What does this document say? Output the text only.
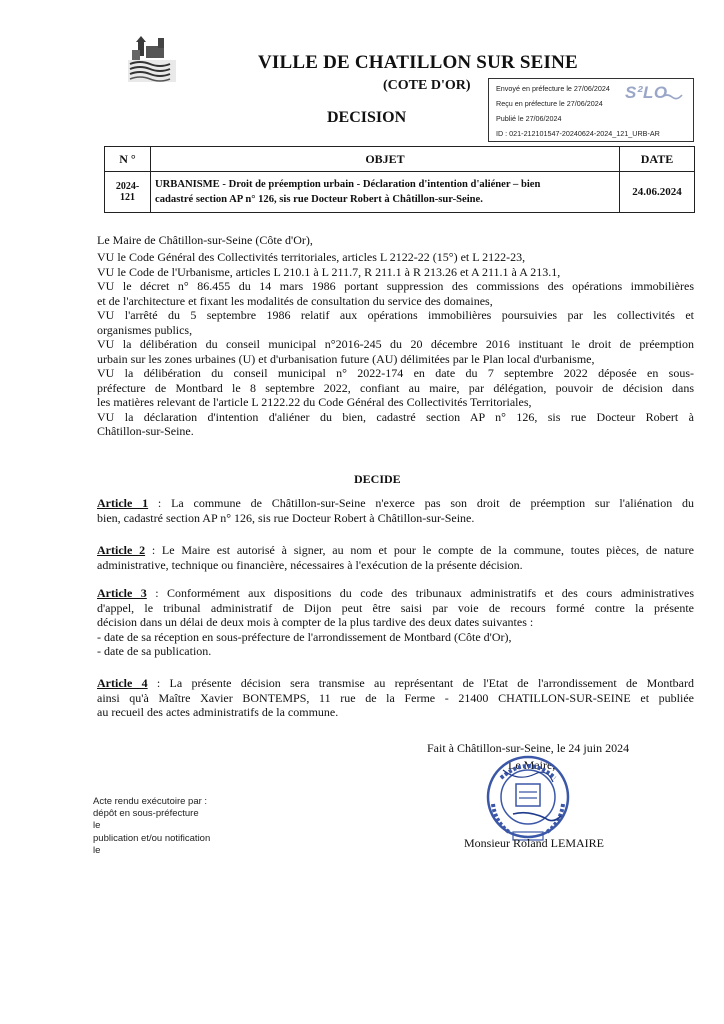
VILLE DE CHATILLON SUR SEINE
(COTE D'OR)
DECISION
Envoyé en préfecture le 27/06/2024
Reçu en préfecture le 27/06/2024
Publié le 27/06/2024
ID : 021-212101547-20240624-2024_121_URB-AR
S²LO
N °	OBJET	DATE
2024-121	URBANISME - Droit de préemption urbain - Déclaration d'intention d'aliéner – bien
cadastré section AP n° 126, sis rue Docteur Robert à Châtillon-sur-Seine.	24.06.2024
Le Maire de Châtillon-sur-Seine (Côte d'Or),
VU le Code Général des Collectivités territoriales, articles L 2122-22 (15°) et L 2122-23,
VU le Code de l'Urbanisme, articles L 210.1 à L 211.7, R 211.1 à R 213.26 et A 211.1 à A 213.1,
VU le décret n° 86.455 du 14 mars 1986 portant suppression des commissions des opérations immobilières
et de l'architecture et fixant les modalités de consultation du service des domaines,
VU l'arrêté du 5 septembre 1986 relatif aux opérations immobilières poursuivies par les collectivités et
organismes publics,
VU la délibération du conseil municipal n°2016-245 du 20 décembre 2016 instituant le droit de préemption
urbain sur les zones urbaines (U) et d'urbanisation future (AU) délimitées par le Plan local d'urbanisme,
VU la délibération du conseil municipal n° 2022-174 en date du 7 septembre 2022 déposée en sous-
préfecture de Montbard le 8 septembre 2022, confiant au maire, par délégation, pouvoir de décision dans
les matières relevant de l'article L 2122.22 du Code Général des Collectivités Territoriales,
VU la déclaration d'intention d'aliéner du bien, cadastré section AP n° 126, sis rue Docteur Robert à
Châtillon-sur-Seine.
DECIDE
Article 1 : La commune de Châtillon-sur-Seine n'exerce pas son droit de préemption sur l'aliénation du
bien, cadastré section AP n° 126, sis rue Docteur Robert à Châtillon-sur-Seine.
Article 2 : Le Maire est autorisé à signer, au nom et pour le compte de la commune, toutes pièces, de nature
administrative, technique ou financière, nécessaires à l'exécution de la présente décision.
Article 3 : Conformément aux dispositions du code des tribunaux administratifs et des cours administratives
d'appel, le tribunal administratif de Dijon peut être saisi par voie de recours formé contre la présente
décision dans un délai de deux mois à compter de la plus tardive des deux dates suivantes :
- date de sa réception en sous-préfecture de l'arrondissement de Montbard (Côte d'Or),
- date de sa publication.
Article 4 : La présente décision sera transmise au représentant de l'Etat de l'arrondissement de Montbard
ainsi qu'à Maître Xavier BONTEMPS, 11 rue de la Ferme - 21400 CHATILLON-SUR-SEINE et publiée
au recueil des actes administratifs de la commune.
Fait à Châtillon-sur-Seine, le 24 juin 2024
Le Maire,
Monsieur Roland LEMAIRE
Acte rendu exécutoire par :
dépôt en sous-préfecture
le
publication et/ou notification
le
